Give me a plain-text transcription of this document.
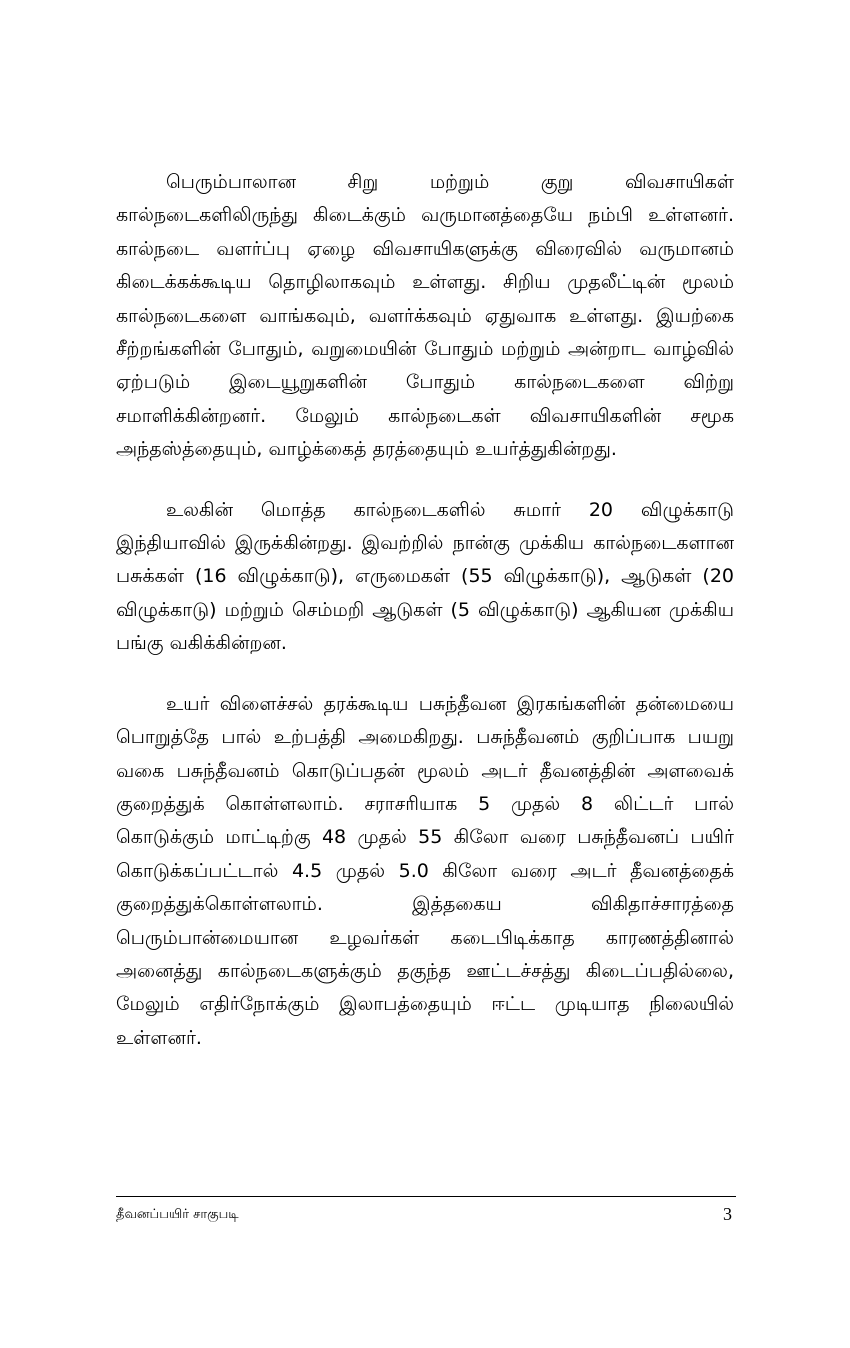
பெரும்பாலான சிறு மற்றும் குறு விவசாயிகள் கால்நடைகளிலிருந்து கிடைக்கும் வருமானத்தையே நம்பி உள்ளனர். கால்நடை வளர்ப்பு ஏழை விவசாயிகளுக்கு விரைவில் வருமானம் கிடைக்கக்கூடிய தொழிலாகவும் உள்ளது. சிறிய முதலீட்டின் மூலம் கால்நடைகளை வாங்கவும், வளர்க்கவும் ஏதுவாக உள்ளது. இயற்கை சீற்றங்களின் போதும், வறுமையின் போதும் மற்றும் அன்றாட வாழ்வில் ஏற்படும் இடையூறுகளின் போதும் கால்நடைகளை விற்று சமாளிக்கின்றனர். மேலும் கால்நடைகள் விவசாயிகளின் சமூக அந்தஸ்த்தையும், வாழ்க்கைத் தரத்தையும் உயர்த்துகின்றது.

உலகின் மொத்த கால்நடைகளில் சுமார் 20 விழுக்காடு இந்தியாவில் இருக்கின்றது. இவற்றில் நான்கு முக்கிய கால்நடைகளான பசுக்கள் (16 விழுக்காடு), எருமைகள் (55 விழுக்காடு), ஆடுகள் (20 விழுக்காடு) மற்றும் செம்மறி ஆடுகள் (5 விழுக்காடு) ஆகியன முக்கிய பங்கு வகிக்கின்றன.

உயர் விளைச்சல் தரக்கூடிய பசுந்தீவன இரகங்களின் தன்மையை பொறுத்தே பால் உற்பத்தி அமைகிறது. பசுந்தீவனம் குறிப்பாக பயறு வகை பசுந்தீவனம் கொடுப்பதன் மூலம் அடர் தீவனத்தின் அளவைக் குறைத்துக் கொள்ளலாம். சராசரியாக 5 முதல் 8 லிட்டர் பால் கொடுக்கும் மாட்டிற்கு 48 முதல் 55 கிலோ வரை பசுந்தீவனப் பயிர் கொடுக்கப்பட்டால் 4.5 முதல் 5.0 கிலோ வரை அடர் தீவனத்தைக் குறைத்துக்கொள்ளலாம். இத்தகைய விகிதாச்சாரத்தை பெரும்பான்மையான உழவர்கள் கடைபிடிக்காத காரணத்தினால் அனைத்து கால்நடைகளுக்கும் தகுந்த ஊட்டச்சத்து கிடைப்பதில்லை, மேலும் எதிர்நோக்கும் இலாபத்தையும் ஈட்ட முடியாத நிலையில் உள்ளனர்.

தீவனப்பயிர் சாகுபடி	3
